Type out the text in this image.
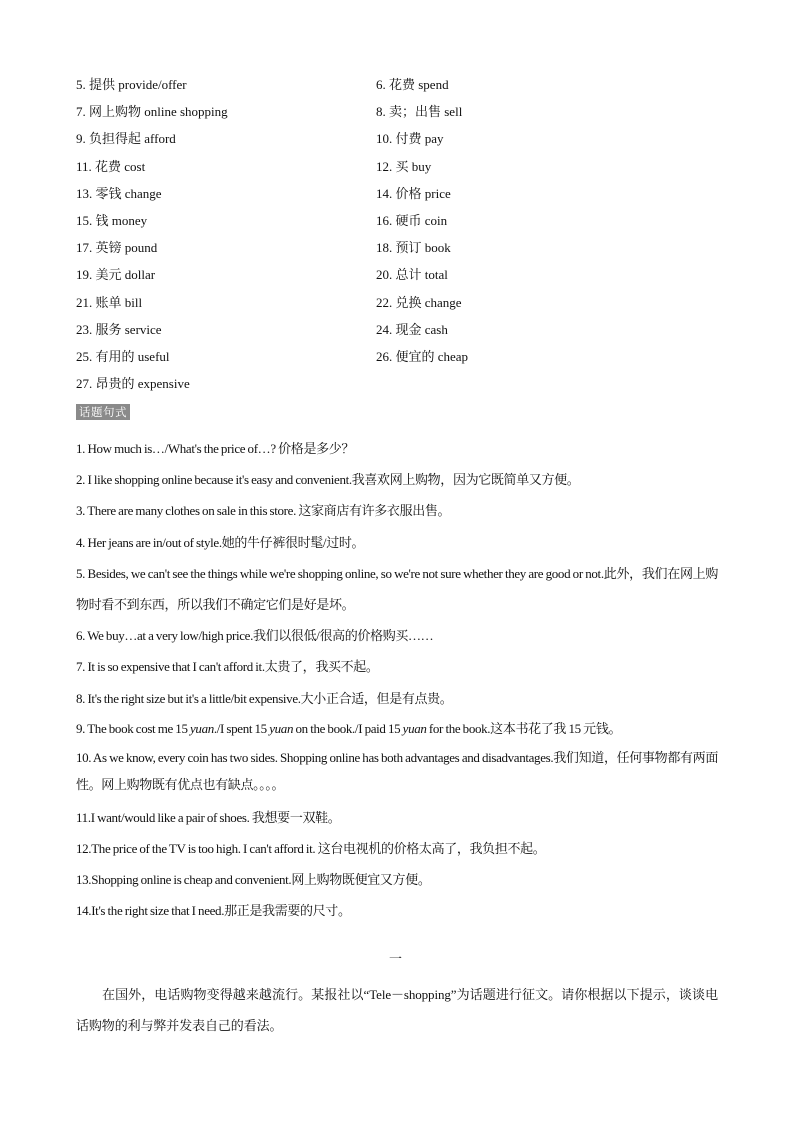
5. 提供 provide/offer	6. 花费 spend
7. 网上购物 online shopping	8. 卖；出售 sell
9. 负担得起 afford	10. 付费 pay
11. 花费 cost	12. 买 buy
13. 零钱 change	14. 价格 price
15. 钱 money	16. 硬币 coin
17. 英镑 pound	18. 预订 book
19. 美元 dollar	20. 总计 total
21. 账单 bill	22. 兑换 change
23. 服务 service	24. 现金 cash
25. 有用的 useful	26. 便宜的 cheap
27. 昂贵的 expensive
话题句式
1. How much is…/What's the price of…? 价格是多少？
2. I like shopping online because it's easy and convenient.我喜欢网上购物，因为它既简单又方便。
3. There are many clothes on sale in this store. 这家商店有许多衣服出售。
4. Her jeans are in/out of style.她的牛仔裤很时髦/过时。
5. Besides, we can't see the things while we're shopping online, so we're not sure whether they are good or not.此外，我们在网上购物时看不到东西，所以我们不确定它们是好是坏。
6. We buy…at a very low/high price.我们以很低/很高的价格购买……
7. It is so expensive that I can't afford it.太贵了，我买不起。
8. It's the right size but it's a little/bit expensive.大小正合适，但是有点贵。
9. The book cost me 15 yuan./I spent 15 yuan on the book./I paid 15 yuan for the book.这本书花了我 15 元钱。
10. As we know, every coin has two sides. Shopping online has both advantages and disadvantages.我们知道，任何事物都有两面性。网上购物既有优点也有缺点。。。。
11.I want/would like a pair of shoes. 我想要一双鞋。
12.The price of the TV is too high. I can't afford it. 这台电视机的价格太高了，我负担不起。
13.Shopping online is cheap and convenient.网上购物既便宜又方便。
14.It's the right size that I need.那正是我需要的尺寸。
一
在国外，电话购物变得越来越流行。某报社以“Tele－shopping”为话题进行征文。请你根据以下提示，谈谈电话购物的利与弊并发表自己的看法。
